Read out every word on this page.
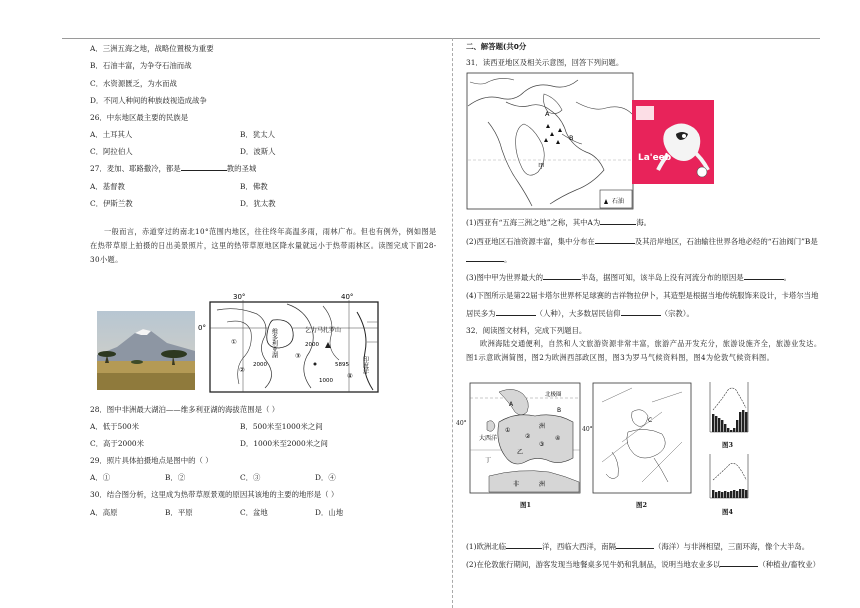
A．三洲五海之地，战略位置极为重要
B．石油丰富，为争夺石油而战
C．水资源匮乏，为水而战
D．不同人种间的种族歧视造成战争
26．中东地区最主要的民族是
A．土耳其人	B．犹太人
C．阿拉伯人	D．波斯人
27．麦加、耶路撒冷，都是	教的圣城
A．基督教	B．佛教
C．伊斯兰教	D．犹太教
一般而言，赤道穿过的南北10°范围内地区，往往终年高温多雨，雨林广布。但也有例外，例如图是在热带草原上拍摄的日出美景照片，这里的热带草原地区降水量就远小于热带雨林区。读图完成下面28-30小题。
30°	40°
0°	维多利亚湖	乞力马扎罗山
5895
2000
2000
1000
印度洋
①
②
③
④
28．图中非洲最大湖泊——维多利亚湖的海拔范围是（ ）
A．低于500米	B．500米至1000米之间
C．高于2000米	D．1000米至2000米之间
29．照片具体拍摄地点是图中的（ ）
A．①	B．②	C．③	D．④
30．结合图分析，这里成为热带草原景观的原因其该地的主要的地形是（ ）
A．高原	B．平原	C．盆地	D．山地
二、解答题(共0分
31．读西亚地区及相关示意图，回答下列问题。
A
甲
B
石油
La'eeb
(1)西亚有“五海三洲之地”之称，其中A为	海。
(2)西亚地区石油资源丰富，集中分布在	及其沿岸地区，石油输往世界各地必经的“石油阀门”B是
。
(3)图中甲为世界最大的	半岛，据图可知，该半岛上没有河流分布的原因是	。
(4)下图所示是第22届卡塔尔世界杯足球赛的吉祥物拉伊卜，其造型是根据当地传统服饰来设计，卡塔尔当地
居民多为	（人种），大多数居民信仰	（宗教）。
32．阅读图文材料，完成下列题目。
欧洲海陆交通便利，自然和人文旅游资源非常丰富，旅游产品开发充分，旅游设施齐全，旅游业发达。图1示意欧洲简图，图2为欧洲西部政区图，图3为罗马气候资料图，图4为伦敦气候资料图。
北极圈
大西洋
A
B
乙
丁
①
②
③
④
洲
非	洲
40°
图1
C
40°
图2
图3
图4
(1)欧洲北临	洋，西临大西洋，南隔	（海洋）与非洲相望，三面环海，像个大半岛。
(2)在伦敦旅行期间，游客发现当地餐桌多见牛奶和乳制品，说明当地农业多以	（种植业/畜牧业）
